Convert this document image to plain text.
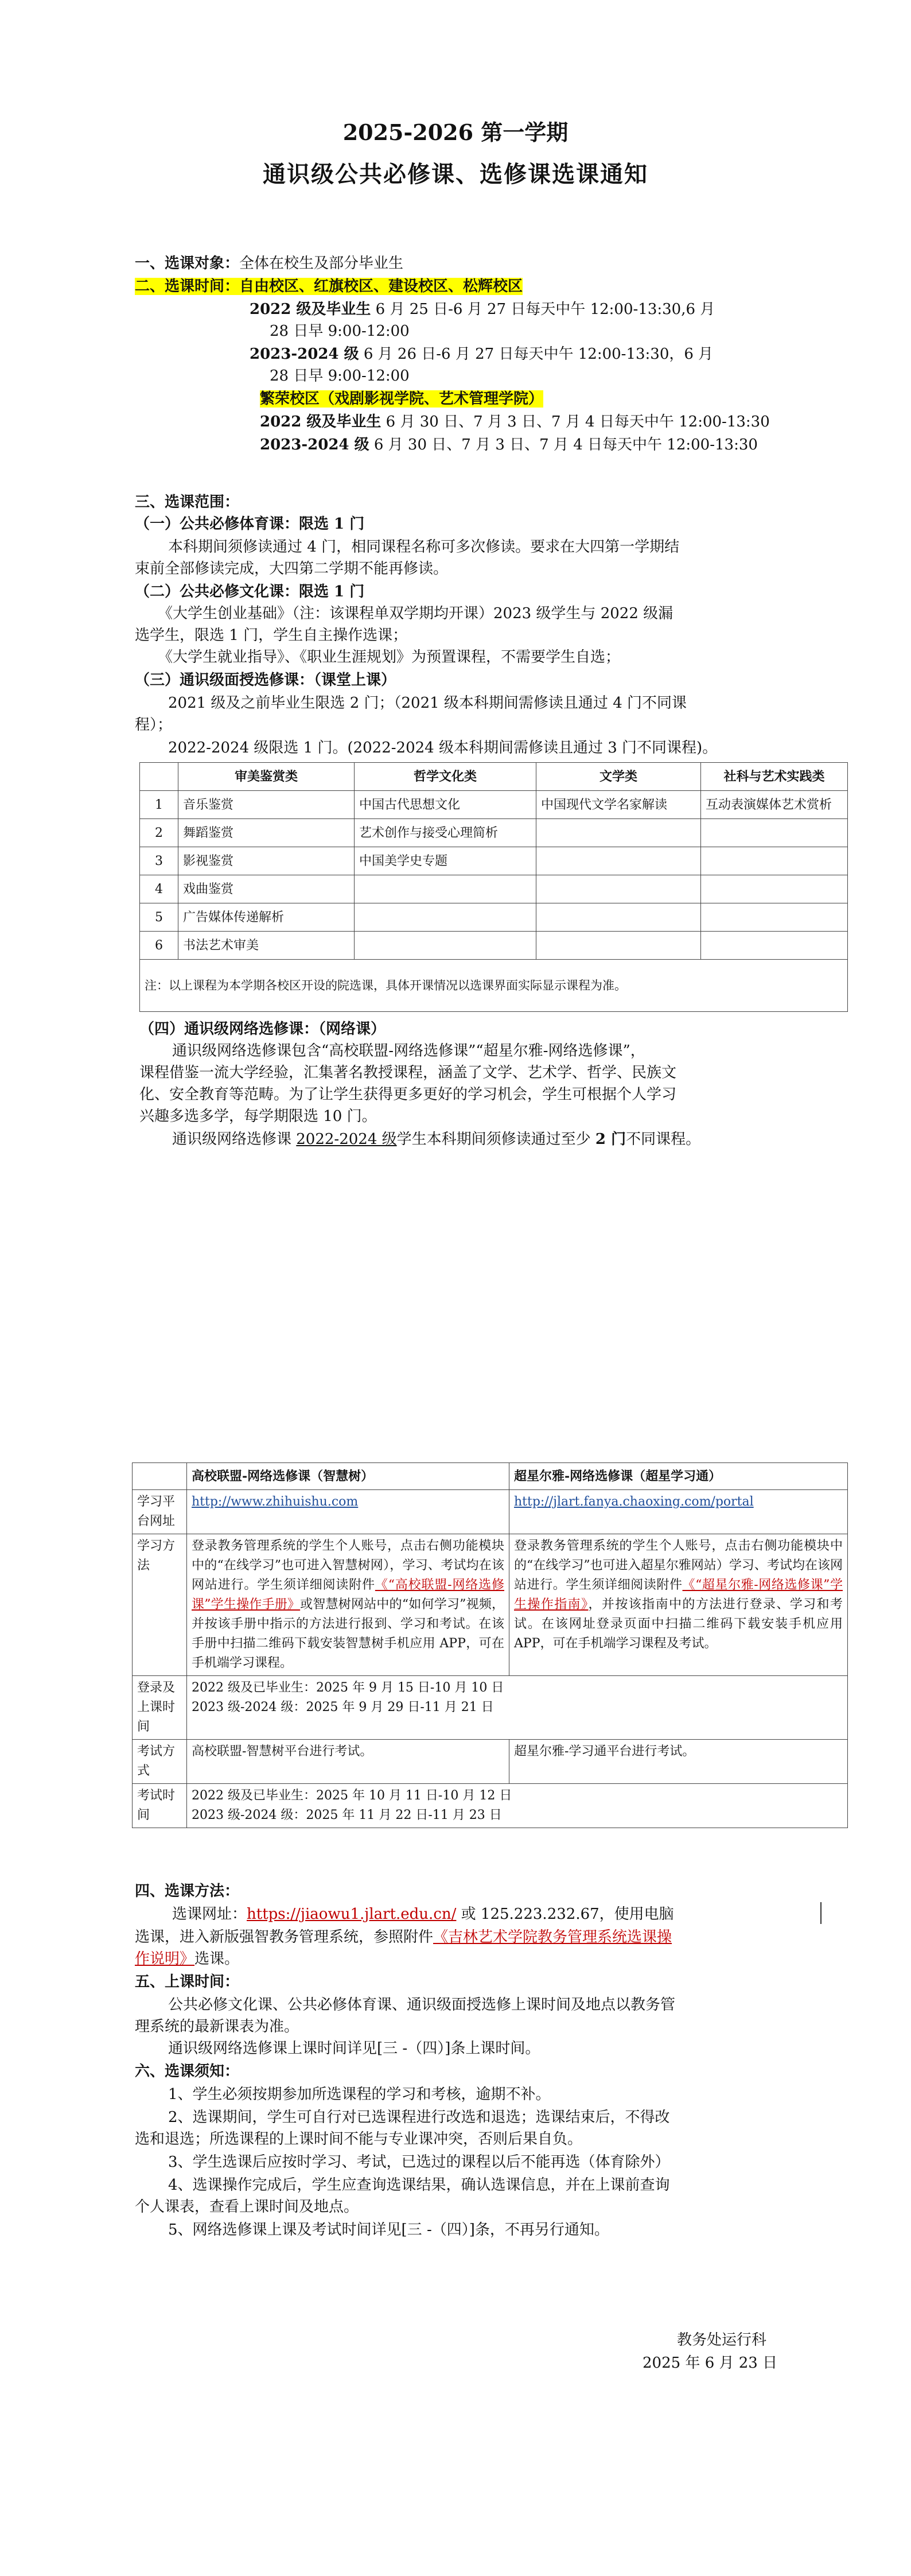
2025-2026 第一学期
通识级公共必修课、选修课选课通知
一、选课对象：全体在校生及部分毕业生
二、选课时间：自由校区、红旗校区、建设校区、松辉校区
2022 级及毕业生 6 月 25 日-6 月 27 日每天中午 12:00-13:30,6 月
28 日早 9:00-12:00
2023-2024 级 6 月 26 日-6 月 27 日每天中午 12:00-13:30，6 月
28 日早 9:00-12:00
繁荣校区（戏剧影视学院、艺术管理学院）
2022 级及毕业生 6 月 30 日、7 月 3 日、7 月 4 日每天中午 12:00-13:30
2023-2024 级 6 月 30 日、7 月 3 日、7 月 4 日每天中午 12:00-13:30
三、选课范围：
（一）公共必修体育课：限选 1 门
本科期间须修读通过 4 门，相同课程名称可多次修读。要求在大四第一学期结
束前全部修读完成，大四第二学期不能再修读。
（二）公共必修文化课：限选 1 门
《大学生创业基础》（注：该课程单双学期均开课）2023 级学生与 2022 级漏
选学生，限选 1 门，学生自主操作选课；
《大学生就业指导》、《职业生涯规划》为预置课程，不需要学生自选；
（三）通识级面授选修课：（课堂上课）
2021 级及之前毕业生限选 2 门；（2021 级本科期间需修读且通过 4 门不同课
程）；
2022-2024 级限选 1 门。(2022-2024 级本科期间需修读且通过 3 门不同课程)。
	审美鉴赏类	哲学文化类	文学类	社科与艺术实践类
1	音乐鉴赏	中国古代思想文化	中国现代文学名家解读	互动表演媒体艺术赏析
2	舞蹈鉴赏	艺术创作与接受心理简析		
3	影视鉴赏	中国美学史专题		
4	戏曲鉴赏			
5	广告媒体传递解析			
6	书法艺术审美			
注：以上课程为本学期各校区开设的院选课，具体开课情况以选课界面实际显示课程为准。				
（四）通识级网络选修课：（网络课）
通识级网络选修课包含“高校联盟-网络选修课”“超星尔雅-网络选修课”，
课程借鉴一流大学经验，汇集著名教授课程，涵盖了文学、艺术学、哲学、民族文
化、安全教育等范畴。为了让学生获得更多更好的学习机会，学生可根据个人学习
兴趣多选多学，每学期限选 10 门。
通识级网络选修课 2022-2024 级学生本科期间须修读通过至少 2 门不同课程。
	高校联盟-网络选修课（智慧树）	超星尔雅-网络选修课（超星学习通）
学习平台网址	http://www.zhihuishu.com	http://jlart.fanya.chaoxing.com/portal
学习方法	登录教务管理系统的学生个人账号，点击右侧功能模块中的“在线学习”也可进入智慧树网），学习、考试均在该网站进行。学生须详细阅读附件《“高校联盟-网络选修课”学生操作手册》或智慧树网站中的“如何学习”视频，并按该手册中指示的方法进行报到、学习和考试。在该手册中扫描二维码下载安装智慧树手机应用 APP，可在手机端学习课程。	登录教务管理系统的学生个人账号，点击右侧功能模块中的“在线学习”也可进入超星尔雅网站）学习、考试均在该网站进行。学生须详细阅读附件《“超星尔雅-网络选修课”学生操作指南》，并按该指南中的方法进行登录、学习和考试。在该网址登录页面中扫描二维码下载安装手机应用 APP，可在手机端学习课程及考试。
登录及上课时间	2022 级及已毕业生：2025 年 9 月 15 日-10 月 10 日
2023 级-2024 级：2025 年 9 月 29 日-11 月 21 日	

考试方式	高校联盟-智慧树平台进行考试。	超星尔雅-学习通平台进行考试。
考试时间	2022 级及已毕业生：2025 年 10 月 11 日-10 月 12 日
2023 级-2024 级：2025 年 11 月 22 日-11 月 23 日	
四、选课方法：
选课网址：https://jiaowu1.jlart.edu.cn/ 或 125.223.232.67，使用电脑
选课，进入新版强智教务管理系统，参照附件《吉林艺术学院教务管理系统选课操
作说明》选课。
五、上课时间：
公共必修文化课、公共必修体育课、通识级面授选修上课时间及地点以教务管
理系统的最新课表为准。
通识级网络选修课上课时间详见[三 -（四）]条上课时间。
六、选课须知：
1、学生必须按期参加所选课程的学习和考核，逾期不补。
2、选课期间，学生可自行对已选课程进行改选和退选；选课结束后，不得改
选和退选；所选课程的上课时间不能与专业课冲突，否则后果自负。
3、学生选课后应按时学习、考试，已选过的课程以后不能再选（体育除外）
4、选课操作完成后，学生应查询选课结果，确认选课信息，并在上课前查询
个人课表，查看上课时间及地点。
5、网络选修课上课及考试时间详见[三 -（四）]条，不再另行通知。
教务处运行科
2025 年 6 月 23 日
